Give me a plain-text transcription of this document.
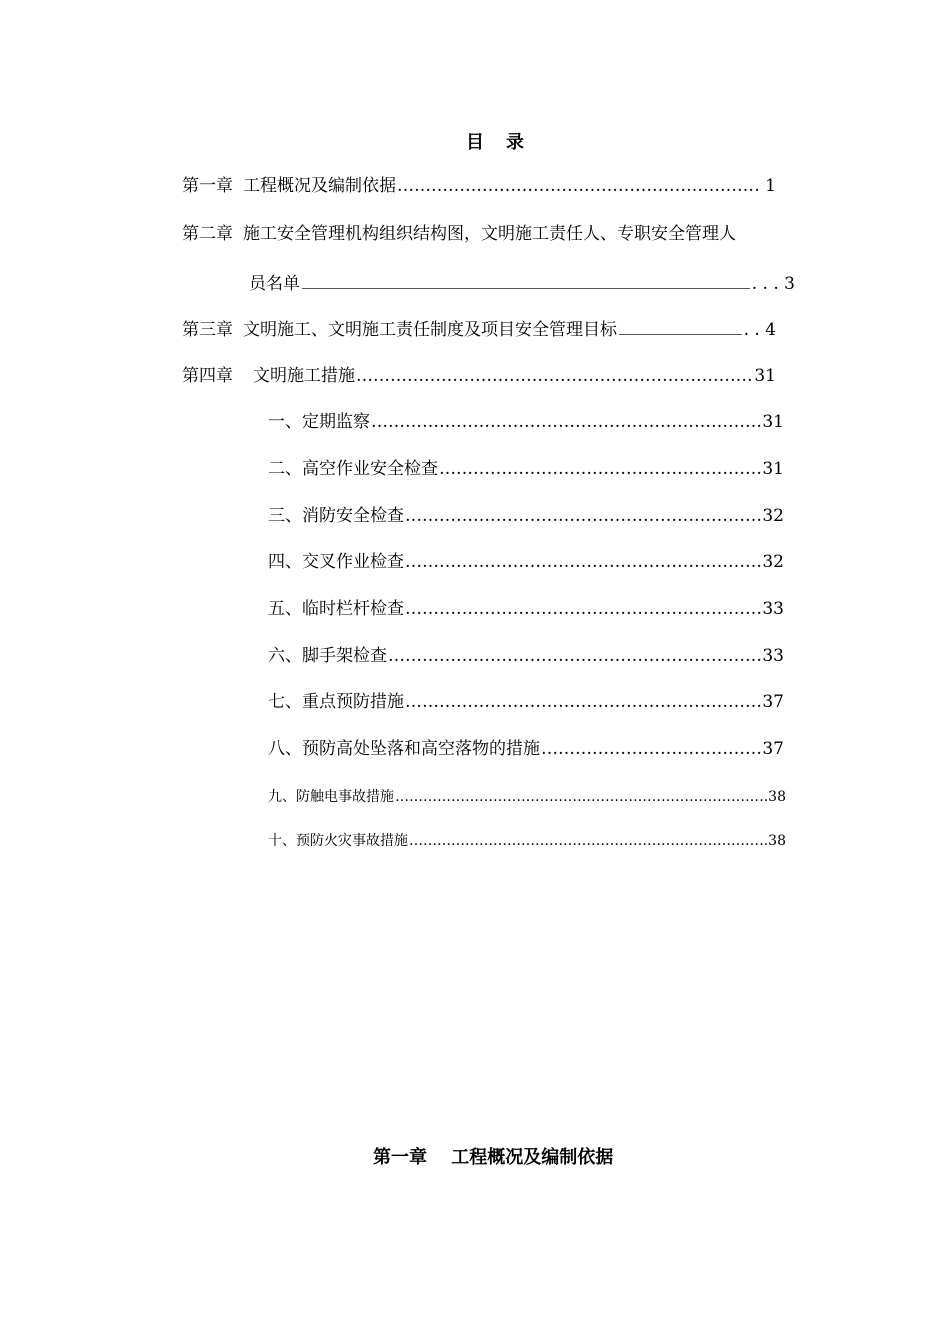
目　录
第一章 工程概况及编制依据 ……………………………………………………………………………………………………………………………………………………………………………………………………	. 1
第二章 施工安全管理机构组织结构图，文明施工责任人、专职安全管理人
员名单	. . . 3
第三章 文明施工、文明施工责任制度及项目安全管理目标	. . 4
第四章 文明施工措施 ……………………………………………………………………………………………………………………………………………………………………………………………………	31
一、 定期监察 ……………………………………………………………………………………………………………………………………………………………………………………………………	31
二、 高空作业安全检查 ……………………………………………………………………………………………………………………………………………………………………………………………………	31
三、 消防安全检查 ……………………………………………………………………………………………………………………………………………………………………………………………………	32
四、 交叉作业检查 ……………………………………………………………………………………………………………………………………………………………………………………………………	32
五、 临时栏杆检查 ……………………………………………………………………………………………………………………………………………………………………………………………………	33
六、 脚手架检查 ……………………………………………………………………………………………………………………………………………………………………………………………………	33
七、 重点预防措施 ……………………………………………………………………………………………………………………………………………………………………………………………………	37
八、 预防高处坠落和高空落物的措施 ……………………………………………………………………………………………………………………………………………………………………………………………………	37
九、 防触电事故措施 ……………………………………………………………………………………………………………………………………………………………………………………………………	..38
十、 预防火灾事故措施 ……………………………………………………………………………………………………………………………………………………………………………………………………	..38
第一章 工程概况及编制依据
